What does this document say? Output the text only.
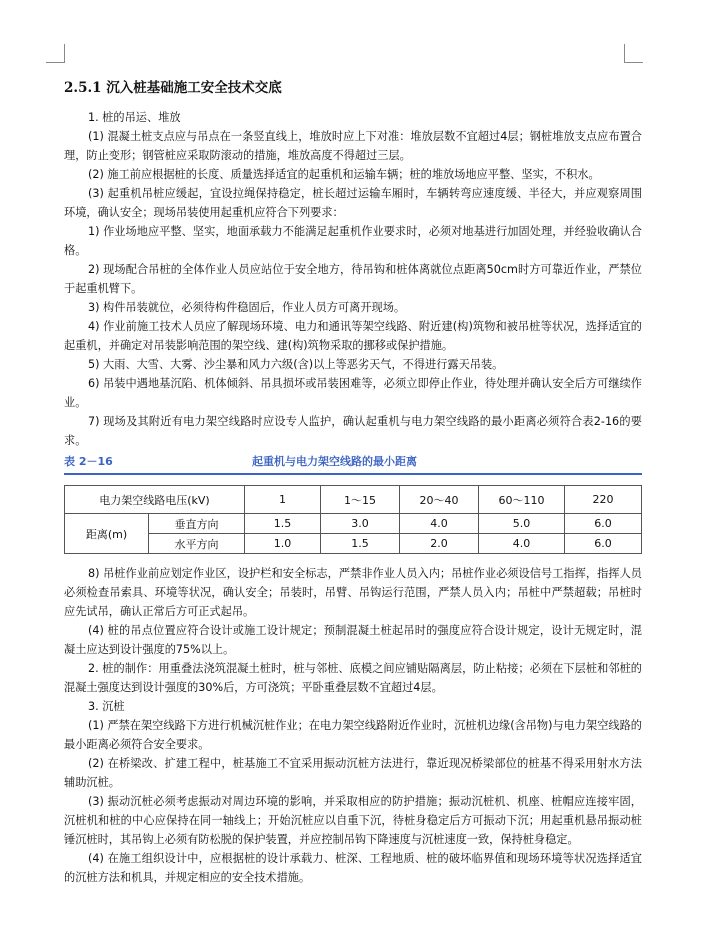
2.5.1 沉入桩基础施工安全技术交底

1. 桩的吊运、堆放

(1) 混凝土桩支点应与吊点在一条竖直线上，堆放时应上下对准：堆放层数不宜超过4层；钢桩堆放支点应布置合理，防止变形；钢管桩应采取防滚动的措施，堆放高度不得超过三层。

(2) 施工前应根据桩的长度、质量选择适宜的起重机和运输车辆；桩的堆放场地应平整、坚实，不积水。

(3) 起重机吊桩应缓起，宜设拉绳保持稳定，桩长超过运输车厢时，车辆转弯应速度缓、半径大，并应观察周围环境，确认安全；现场吊装使用起重机应符合下列要求：

1) 作业场地应平整、坚实，地面承载力不能满足起重机作业要求时，必须对地基进行加固处理，并经验收确认合格。

2) 现场配合吊桩的全体作业人员应站位于安全地方，待吊钩和桩体离就位点距离50cm时方可靠近作业，严禁位于起重机臂下。

3) 构件吊装就位，必须待构件稳固后，作业人员方可离开现场。

4) 作业前施工技术人员应了解现场环境、电力和通讯等架空线路、附近建(构)筑物和被吊桩等状况，选择适宜的起重机，并确定对吊装影响范围的架空线、建(构)筑物采取的挪移或保护措施。

5) 大雨、大雪、大雾、沙尘暴和风力六级(含)以上等恶劣天气，不得进行露天吊装。

6) 吊装中遇地基沉陷、机体倾斜、吊具损坏或吊装困难等，必须立即停止作业，待处理并确认安全后方可继续作业。

7) 现场及其附近有电力架空线路时应设专人监护，确认起重机与电力架空线路的最小距离必须符合表2-16的要求。

表 2－16	起重机与电力架空线路的最小距离
电力架空线路电压(kV)		1	1～15	20～40	60～110	220
距离(m)	垂直方向	1.5	3.0	4.0	5.0	6.0
	水平方向	1.0	1.5	2.0	4.0	6.0

8) 吊桩作业前应划定作业区，设护栏和安全标志，严禁非作业人员入内；吊桩作业必须设信号工指挥，指挥人员必须检查吊索具、环境等状况，确认安全；吊装时，吊臂、吊钩运行范围，严禁人员入内；吊桩中严禁超载；吊桩时应先试吊，确认正常后方可正式起吊。

(4) 桩的吊点位置应符合设计或施工设计规定；预制混凝土桩起吊时的强度应符合设计规定，设计无规定时，混凝土应达到设计强度的75%以上。

2. 桩的制作：用重叠法浇筑混凝土桩时，桩与邻桩、底模之间应铺贴隔离层，防止粘接；必须在下层桩和邻桩的混凝土强度达到设计强度的30%后，方可浇筑；平卧重叠层数不宜超过4层。

3. 沉桩

(1) 严禁在架空线路下方进行机械沉桩作业；在电力架空线路附近作业时，沉桩机边缘(含吊物)与电力架空线路的最小距离必须符合安全要求。

(2) 在桥梁改、扩建工程中，桩基施工不宜采用振动沉桩方法进行，靠近现况桥梁部位的桩基不得采用射水方法辅助沉桩。

(3) 振动沉桩必须考虑振动对周边环境的影响，并采取相应的防护措施；振动沉桩机、机座、桩帽应连接牢固，沉桩机和桩的中心应保持在同一轴线上；开始沉桩应以自重下沉，待桩身稳定后方可振动下沉；用起重机悬吊振动桩锤沉桩时，其吊钩上必须有防松脱的保护装置，并应控制吊钩下降速度与沉桩速度一致，保持桩身稳定。

(4) 在施工组织设计中，应根据桩的设计承载力、桩深、工程地质、桩的破坏临界值和现场环境等状况选择适宜的沉桩方法和机具，并规定相应的安全技术措施。
